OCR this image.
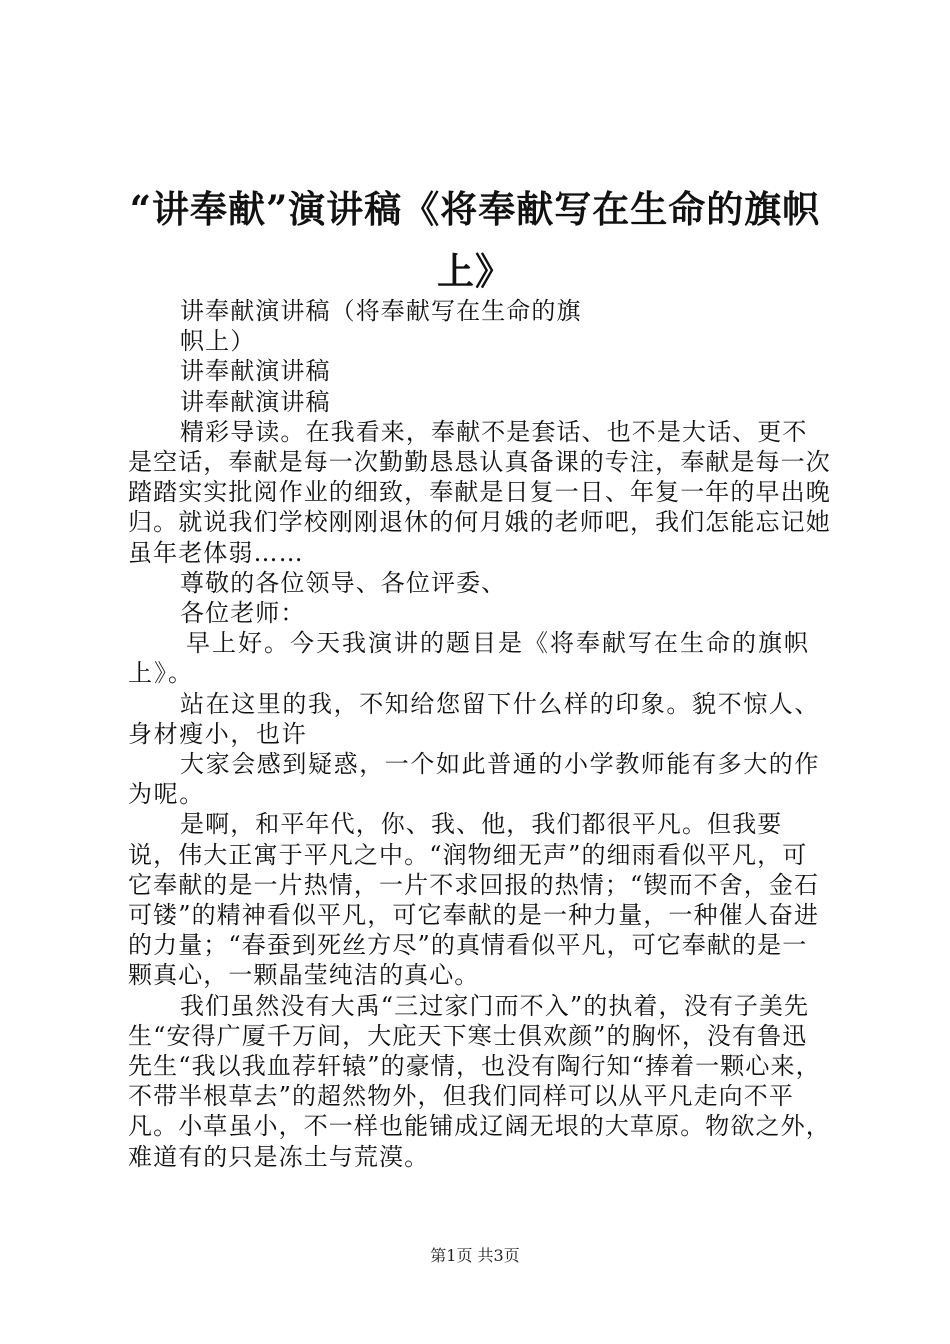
“讲奉献”演讲稿《将奉献写在生命的旗帜
上》

讲奉献演讲稿（将奉献写在生命的旗

帜上）

讲奉献演讲稿

讲奉献演讲稿

精彩导读。在我看来，奉献不是套话、也不是大话、更不是空话，奉献是每一次勤勤恳恳认真备课的专注，奉献是每一次踏踏实实批阅作业的细致，奉献是日复一日、年复一年的早出晚归。就说我们学校刚刚退休的何月娥的老师吧，我们怎能忘记她虽年老体弱……

尊敬的各位领导、各位评委、

各位老师：

早上好。今天我演讲的题目是《将奉献写在生命的旗帜上》。

站在这里的我，不知给您留下什么样的印象。貌不惊人、身材瘦小，也许

大家会感到疑惑，一个如此普通的小学教师能有多大的作为呢。

是啊，和平年代，你、我、他，我们都很平凡。但我要说，伟大正寓于平凡之中。“润物细无声”的细雨看似平凡，可它奉献的是一片热情，一片不求回报的热情；“锲而不舍，金石可镂”的精神看似平凡，可它奉献的是一种力量，一种催人奋进的力量；“春蚕到死丝方尽”的真情看似平凡，可它奉献的是一颗真心，一颗晶莹纯洁的真心。

我们虽然没有大禹“三过家门而不入”的执着，没有子美先生“安得广厦千万间，大庇天下寒士俱欢颜”的胸怀，没有鲁迅先生“我以我血荐轩辕”的豪情，也没有陶行知“捧着一颗心来，不带半根草去”的超然物外，但我们同样可以从平凡走向不平凡。小草虽小，不一样也能铺成辽阔无垠的大草原。物欲之外，难道有的只是冻土与荒漠。

第1页 共3页
